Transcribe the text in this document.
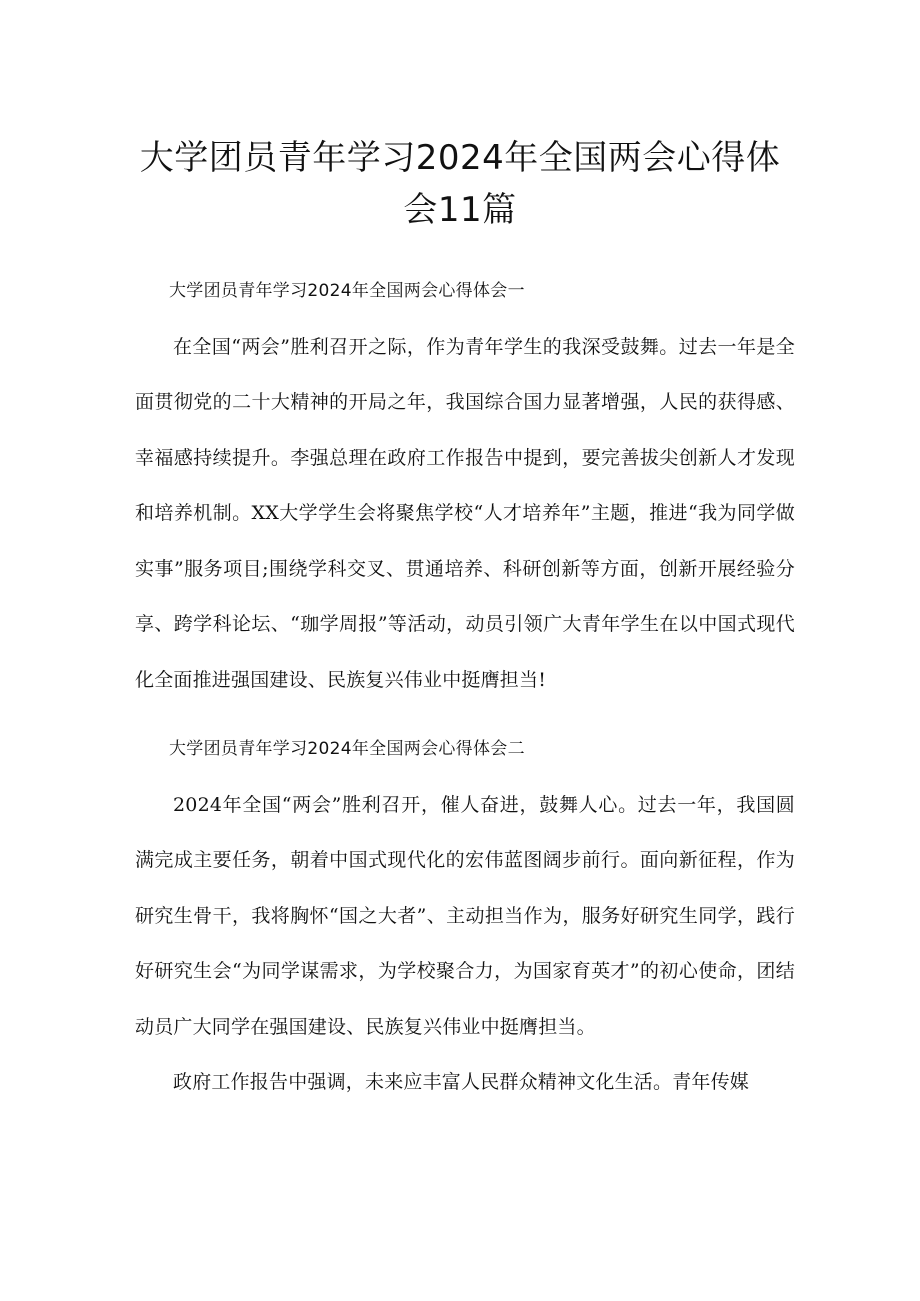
大学团员青年学习2024年全国两会心得体
会11篇

大学团员青年学习2024年全国两会心得体会一

在全国“两会”胜利召开之际，作为青年学生的我深受鼓舞。过去一年是全面贯彻党的二十大精神的开局之年，我国综合国力显著增强，人民的获得感、幸福感持续提升。李强总理在政府工作报告中提到，要完善拔尖创新人才发现和培养机制。XX大学学生会将聚焦学校“人才培养年”主题，推进“我为同学做实事”服务项目;围绕学科交叉、贯通培养、科研创新等方面，创新开展经验分享、跨学科论坛、“珈学周报”等活动，动员引领广大青年学生在以中国式现代化全面推进强国建设、民族复兴伟业中挺膺担当!

大学团员青年学习2024年全国两会心得体会二

2024年全国“两会”胜利召开，催人奋进，鼓舞人心。过去一年，我国圆满完成主要任务，朝着中国式现代化的宏伟蓝图阔步前行。面向新征程，作为研究生骨干，我将胸怀“国之大者”、主动担当作为，服务好研究生同学，践行好研究生会“为同学谋需求，为学校聚合力，为国家育英才”的初心使命，团结动员广大同学在强国建设、民族复兴伟业中挺膺担当。

政府工作报告中强调，未来应丰富人民群众精神文化生活。青年传媒
